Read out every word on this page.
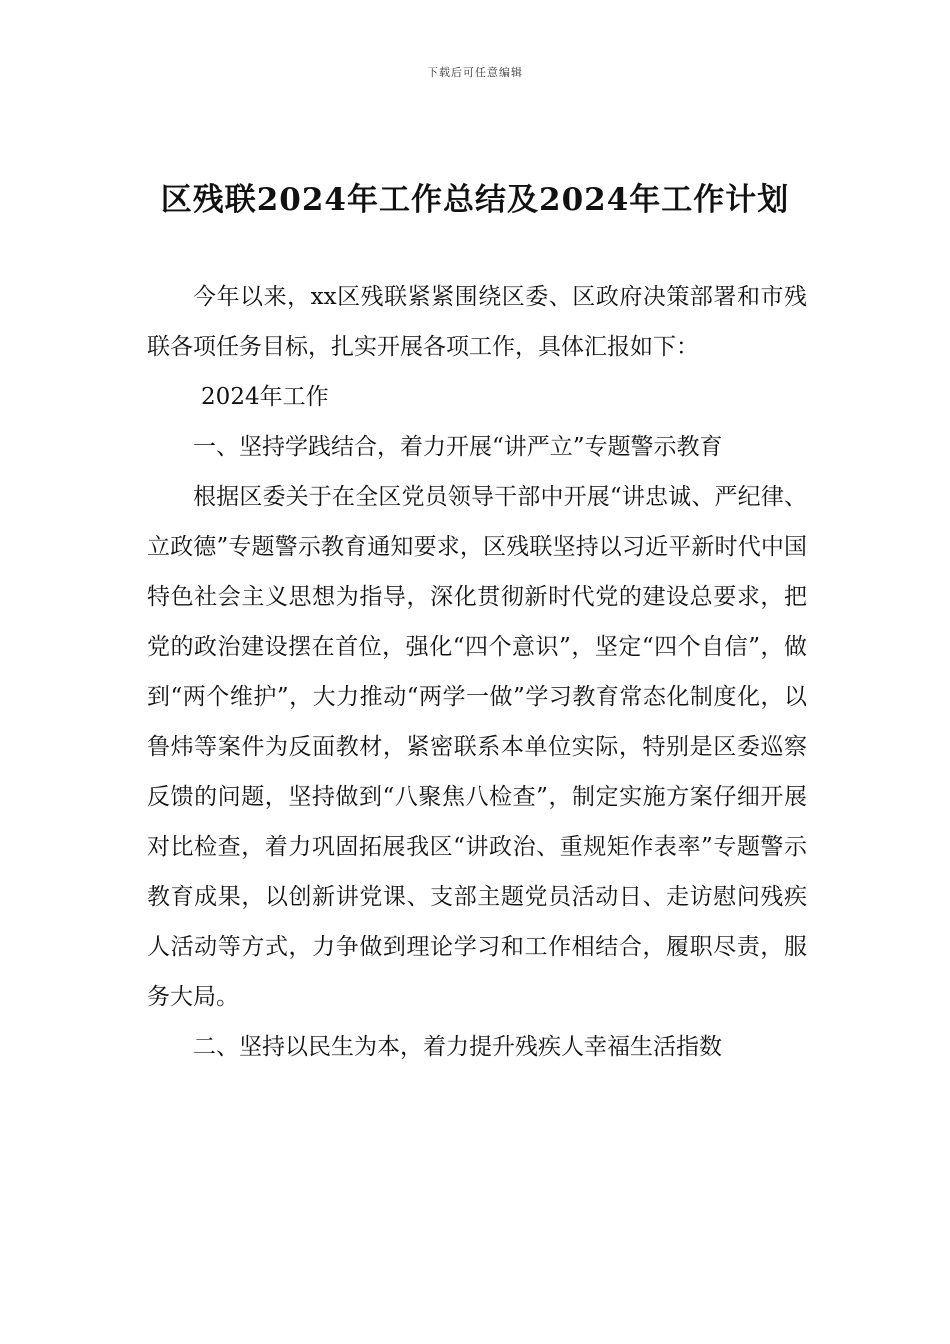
下载后可任意编辑
区残联2024年工作总结及2024年工作计划

今年以来，xx区残联紧紧围绕区委、区政府决策部署和市残联各项任务目标，扎实开展各项工作，具体汇报如下：

2024年工作

一、坚持学践结合，着力开展“讲严立”专题警示教育

根据区委关于在全区党员领导干部中开展“讲忠诚、严纪律、立政德”专题警示教育通知要求，区残联坚持以习近平新时代中国特色社会主义思想为指导，深化贯彻新时代党的建设总要求，把党的政治建设摆在首位，强化“四个意识”，坚定“四个自信”，做到“两个维护”，大力推动“两学一做”学习教育常态化制度化，以鲁炜等案件为反面教材，紧密联系本单位实际，特别是区委巡察反馈的问题，坚持做到“八聚焦八检查”，制定实施方案仔细开展对比检查，着力巩固拓展我区“讲政治、重规矩作表率”专题警示教育成果，以创新讲党课、支部主题党员活动日、走访慰问残疾人活动等方式，力争做到理论学习和工作相结合，履职尽责，服务大局。

二、坚持以民生为本，着力提升残疾人幸福生活指数
